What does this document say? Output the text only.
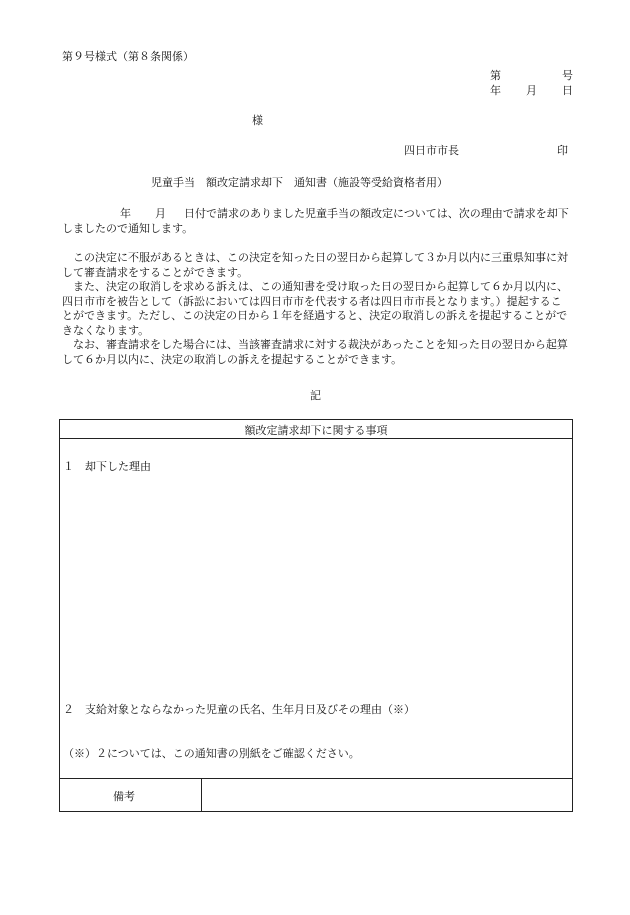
第９号様式（第８条関係）
第	号
年 月 日
様
四日市市長	印
児童手当　額改定請求却下　通知書（施設等受給資格者用）
年 月 日付で請求のありました児童手当の額改定については、次の理由で請求を却下しましたので通知します。
この決定に不服があるときは、この決定を知った日の翌日から起算して３か月以内に三重県知事に対して審査請求をすることができます。
また、決定の取消しを求める訴えは、この通知書を受け取った日の翌日から起算して６か月以内に、四日市市を被告として（訴訟においては四日市市を代表する者は四日市市長となります。）提起することができます。ただし、この決定の日から１年を経過すると、決定の取消しの訴えを提起することができなくなります。
なお、審査請求をした場合には、当該審査請求に対する裁決があったことを知った日の翌日から起算して６か月以内に、決定の取消しの訴えを提起することができます。
記
額改定請求却下に関する事項
１　却下した理由
２　支給対象とならなかった児童の氏名、生年月日及びその理由（※）
（※）２については、この通知書の別紙をご確認ください。
備考
